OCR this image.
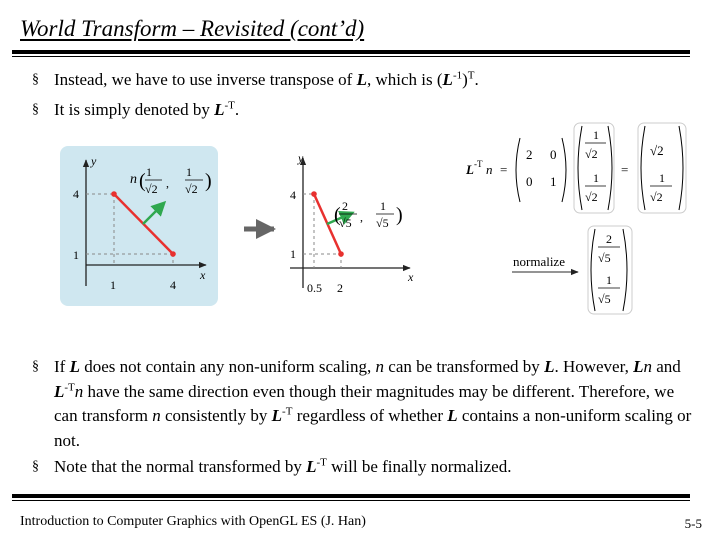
World Transform – Revisited (cont’d)
§ Instead, we have to use inverse transpose of L, which is $(L^{-1})^T$.
§ It is simply denoted by $L^{-T}$.
y
x
4
1
1	4
n ( 1
√2 ,
1
√2 )
y
x
4
1
0.5 2
( 2
√5 ,
1
√5 )
L -T n =
2 0
0 1
1
√2
1
√2
=
√2
1
√2
normalize
2
√5
1
√5
§ If L does not contain any non-uniform scaling, n can be transformed by L. However, Ln and $L^{-T}n$ have the same direction even though their magnitudes may be different. Therefore, we can transform n consistently by $L^{-T}$ regardless of whether L contains a non-uniform scaling or not.
§ Note that the normal transformed by $L^{-T}$ will be finally normalized.
Introduction to Computer Graphics with OpenGL ES (J. Han)	5-5
